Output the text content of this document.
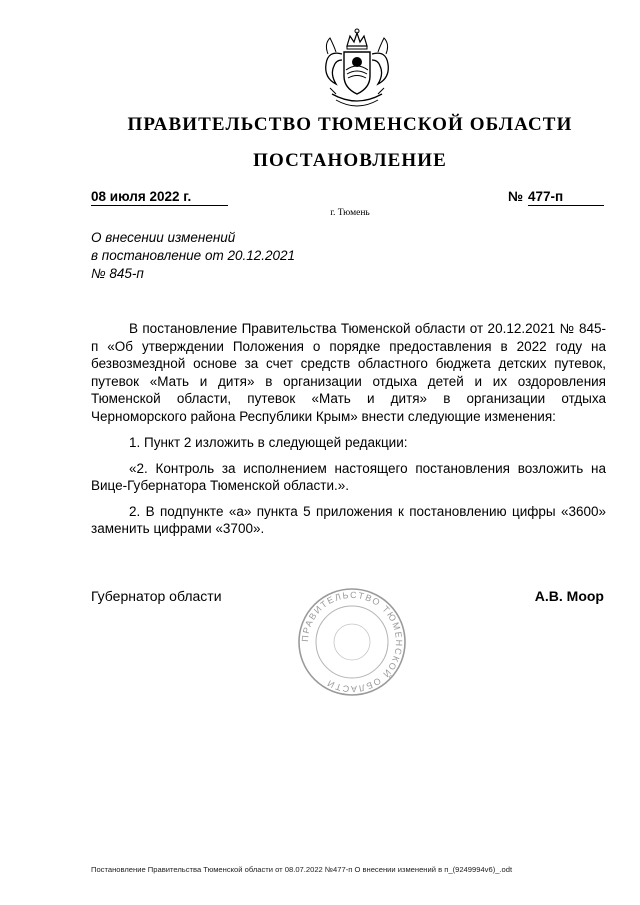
ПРАВИТЕЛЬСТВО ТЮМЕНСКОЙ ОБЛАСТИ
ПОСТАНОВЛЕНИЕ
08 июля 2022 г.	№ 477-п
г. Тюмень
О внесении изменений
в постановление от 20.12.2021
№ 845-п

В постановление Правительства Тюменской области от 20.12.2021 № 845-п «Об утверждении Положения о порядке предоставления в 2022 году на безвозмездной основе за счет средств областного бюджета детских путевок, путевок «Мать и дитя» в организации отдыха детей и их оздоровления Тюменской области, путевок «Мать и дитя» в организации отдыха Черноморского района Республики Крым» внести следующие изменения:

1. Пункт 2 изложить в следующей редакции:

«2. Контроль за исполнением настоящего постановления возложить на Вице-Губернатора Тюменской области.».

2. В подпункте «а» пункта 5 приложения к постановлению цифры «3600» заменить цифрами «3700».

ПРАВИТЕЛЬСТВО ТЮМЕНСКОЙ ОБЛАСТИ
Губернатор области	А.В. Моор
Постановление Правительства Тюменской области от 08.07.2022 №477-п О внесении изменений в п_(9249994v6)_.odt
